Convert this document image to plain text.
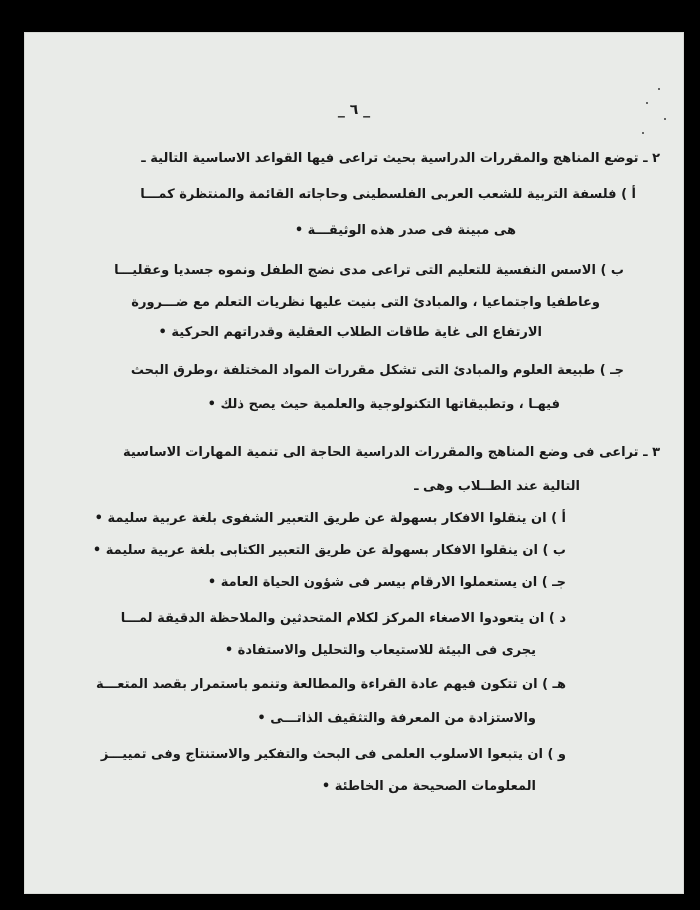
_ ٦ _
٢ ـ توضع المناهج والمقررات الدراسية بحيث تراعى فيها القواعد الاساسية التالية ـ
أ ) فلسفة التربية للشعب العربى الفلسطينى وحاجاته القائمة والمنتظرة كمـــا
هى مبينة فى صدر هذه الوثيقـــة •
ب ) الاسس النفسية للتعليم التى تراعى مدى نضج الطفل ونموه جسديا وعقليـــا
وعاطفيا واجتماعيا ، والمبادئ التى بنيت عليها نظريات التعلم مع ضـــرورة
الارتفاع الى غاية طاقات الطلاب العقلية وقدراتهم الحركية •
جـ ) طبيعة العلوم والمبادئ التى تشكل مقررات المواد المختلفة ،وطرق البحث
فيهـا ، وتطبيقاتها التكنولوجية والعلمية حيث يصح ذلك •
٣ ـ تراعى فى وضع المناهج والمقررات الدراسية الحاجة الى تنمية المهارات الاساسية
التالية عند الطــلاب وهى ـ
أ ) ان ينقلوا الافكار بسهولة عن طريق التعبير الشفوى بلغة عربية سليمة •
ب ) ان ينقلوا الافكار بسهولة عن طريق التعبير الكتابى بلغة عربية سليمة •
جـ ) ان يستعملوا الارقام بيسر فى شؤون الحياة العامة •
د ) ان يتعودوا الاصغاء المركز لكلام المتحدثين والملاحظة الدقيقة لمـــا
يجرى فى البيئة للاستيعاب والتحليل والاستفادة •
هـ ) ان تتكون فيهم عادة القراءة والمطالعة وتنمو باستمرار بقصد المتعـــة
والاستزادة من المعرفة والتثقيف الذاتـــى •
و ) ان يتبعوا الاسلوب العلمى فى البحث والتفكير والاستنتاج وفى تمييـــز
المعلومات الصحيحة من الخاطئة •
